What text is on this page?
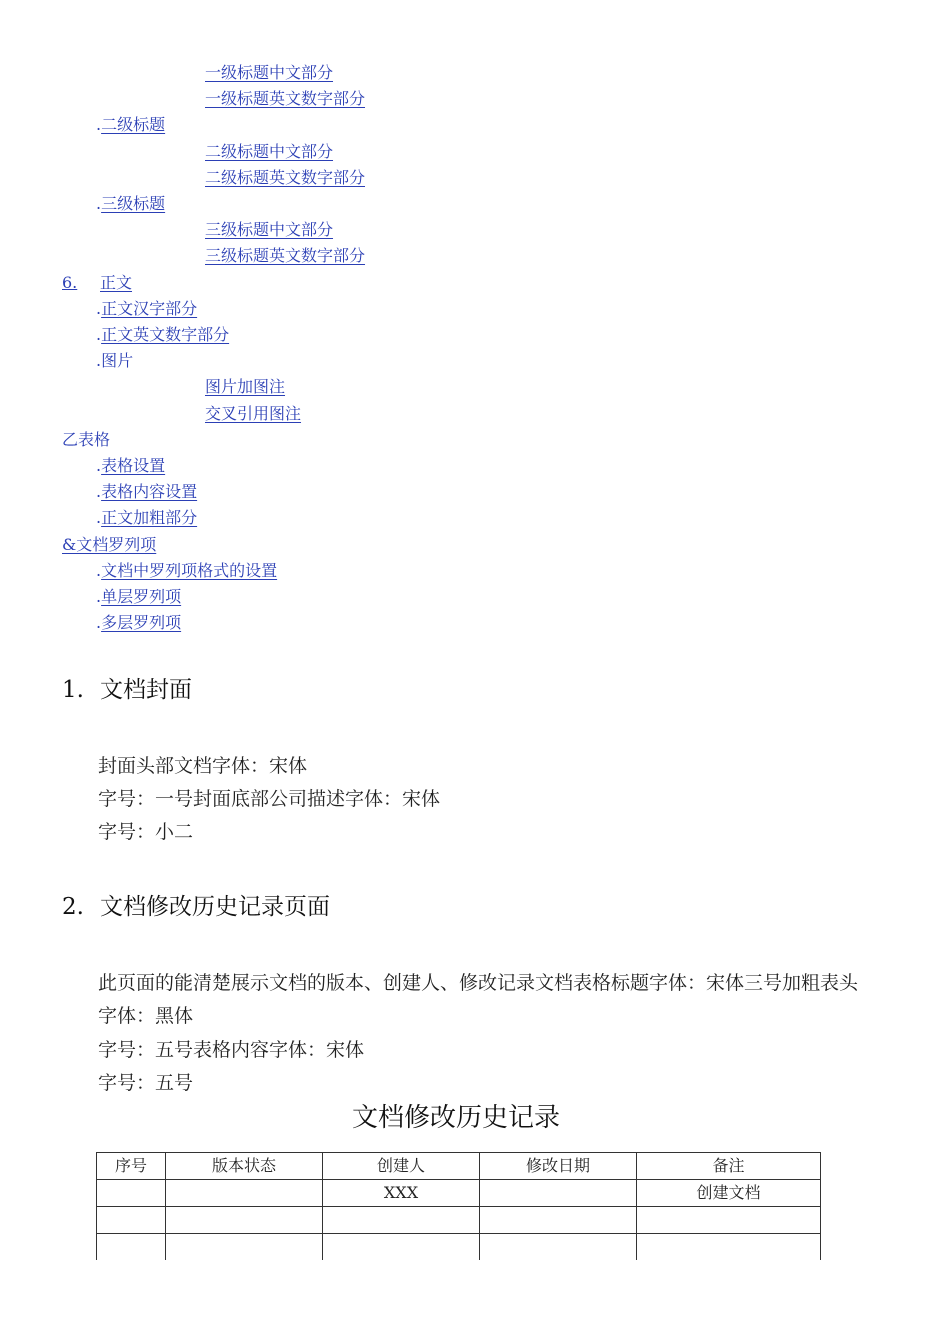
一级标题中文部分
一级标题英文数字部分
.二级标题
二级标题中文部分
二级标题英文数字部分
.三级标题
三级标题中文部分
三级标题英文数字部分
6. 正文
.正文汉字部分
.正文英文数字部分
.图片
图片加图注
交叉引用图注
乙表格
.表格设置
.表格内容设置
.正文加粗部分
&文档罗列项
.文档中罗列项格式的设置
.单层罗列项
.多层罗列项
1. 文档封面
封面头部文档字体：宋体
字号：一号封面底部公司描述字体：宋体
字号：小二
2. 文档修改历史记录页面
此页面的能清楚展示文档的版本、创建人、修改记录文档表格标题字体：宋体三号加粗表头字体：黑体
字号：五号表格内容字体：宋体
字号：五号
文档修改历史记录
序号	版本状态	创建人	修改日期	备注
		XXX		创建文档
